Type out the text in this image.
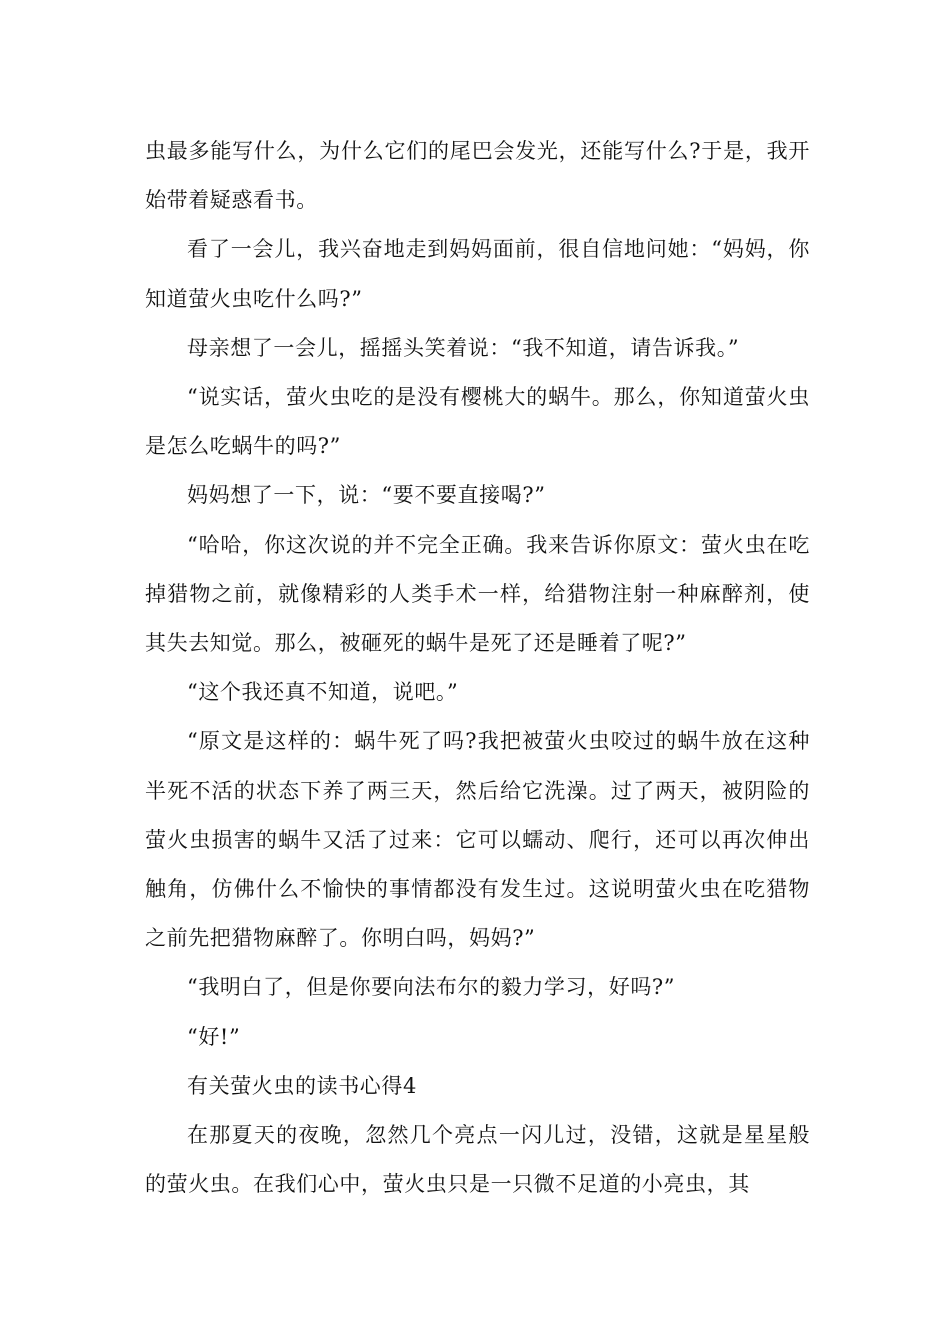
虫最多能写什么，为什么它们的尾巴会发光，还能写什么?于是，我开始带着疑惑看书。

看了一会儿，我兴奋地走到妈妈面前，很自信地问她：“妈妈，你知道萤火虫吃什么吗?”

母亲想了一会儿，摇摇头笑着说：“我不知道，请告诉我。”

“说实话，萤火虫吃的是没有樱桃大的蜗牛。那么，你知道萤火虫是怎么吃蜗牛的吗?”

妈妈想了一下，说：“要不要直接喝?”

“哈哈，你这次说的并不完全正确。我来告诉你原文：萤火虫在吃掉猎物之前，就像精彩的人类手术一样，给猎物注射一种麻醉剂，使其失去知觉。那么，被砸死的蜗牛是死了还是睡着了呢?”

“这个我还真不知道，说吧。”

“原文是这样的：蜗牛死了吗?我把被萤火虫咬过的蜗牛放在这种半死不活的状态下养了两三天，然后给它洗澡。过了两天，被阴险的萤火虫损害的蜗牛又活了过来：它可以蠕动、爬行，还可以再次伸出触角，仿佛什么不愉快的事情都没有发生过。这说明萤火虫在吃猎物之前先把猎物麻醉了。你明白吗，妈妈?”

“我明白了，但是你要向法布尔的毅力学习，好吗?”

“好!”

有关萤火虫的读书心得4

在那夏天的夜晚，忽然几个亮点一闪儿过，没错，这就是星星般的萤火虫。在我们心中，萤火虫只是一只微不足道的小亮虫，其
